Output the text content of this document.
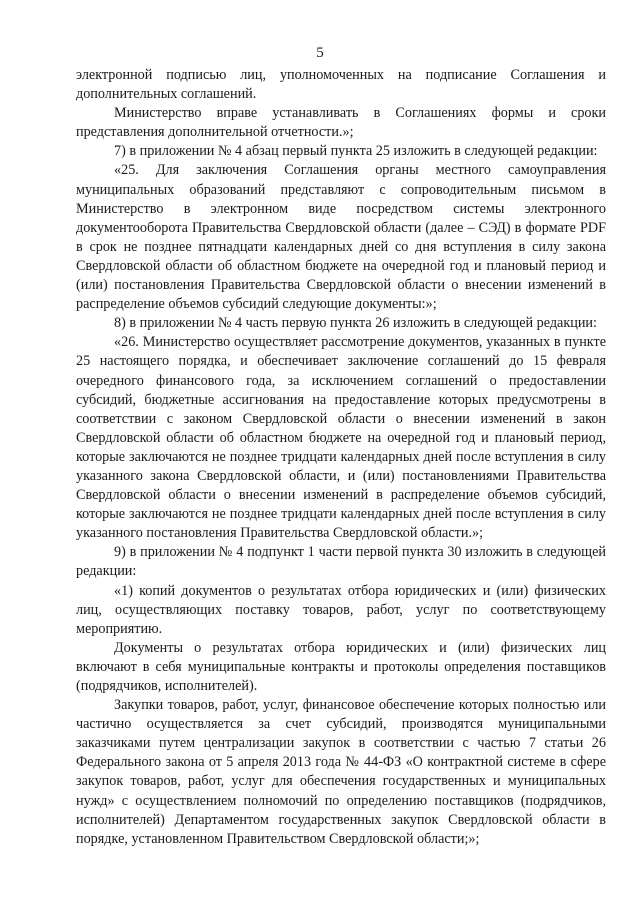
5

электронной подписью лиц, уполномоченных на подписание Соглашения и дополнительных соглашений.

Министерство вправе устанавливать в Соглашениях формы и сроки представления дополнительной отчетности.»;

7) в приложении № 4 абзац первый пункта 25 изложить в следующей редакции:

«25. Для заключения Соглашения органы местного самоуправления муниципальных образований представляют с сопроводительным письмом в Министерство в электронном виде посредством системы электронного документооборота Правительства Свердловской области (далее – СЭД) в формате PDF в срок не позднее пятнадцати календарных дней со дня вступления в силу закона Свердловской области об областном бюджете на очередной год и плановый период и (или) постановления Правительства Свердловской области о внесении изменений в распределение объемов субсидий следующие документы:»;

8) в приложении № 4 часть первую пункта 26 изложить в следующей редакции:

«26. Министерство осуществляет рассмотрение документов, указанных в пункте 25 настоящего порядка, и обеспечивает заключение соглашений до 15 февраля очередного финансового года, за исключением соглашений о предоставлении субсидий, бюджетные ассигнования на предоставление которых предусмотрены в соответствии с законом Свердловской области о внесении изменений в закон Свердловской области об областном бюджете на очередной год и плановый период, которые заключаются не позднее тридцати календарных дней после вступления в силу указанного закона Свердловской области, и (или) постановлениями Правительства Свердловской области о внесении изменений в распределение объемов субсидий, которые заключаются не позднее тридцати календарных дней после вступления в силу указанного постановления Правительства Свердловской области.»;

9) в приложении № 4 подпункт 1 части первой пункта 30 изложить в следующей редакции:

«1) копий документов о результатах отбора юридических и (или) физических лиц, осуществляющих поставку товаров, работ, услуг по соответствующему мероприятию.

Документы о результатах отбора юридических и (или) физических лиц включают в себя муниципальные контракты и протоколы определения поставщиков (подрядчиков, исполнителей).

Закупки товаров, работ, услуг, финансовое обеспечение которых полностью или частично осуществляется за счет субсидий, производятся муниципальными заказчиками путем централизации закупок в соответствии с частью 7 статьи 26 Федерального закона от 5 апреля 2013 года № 44-ФЗ «О контрактной системе в сфере закупок товаров, работ, услуг для обеспечения государственных и муниципальных нужд» с осуществлением полномочий по определению поставщиков (подрядчиков, исполнителей) Департаментом государственных закупок Свердловской области в порядке, установленном Правительством Свердловской области;»;
